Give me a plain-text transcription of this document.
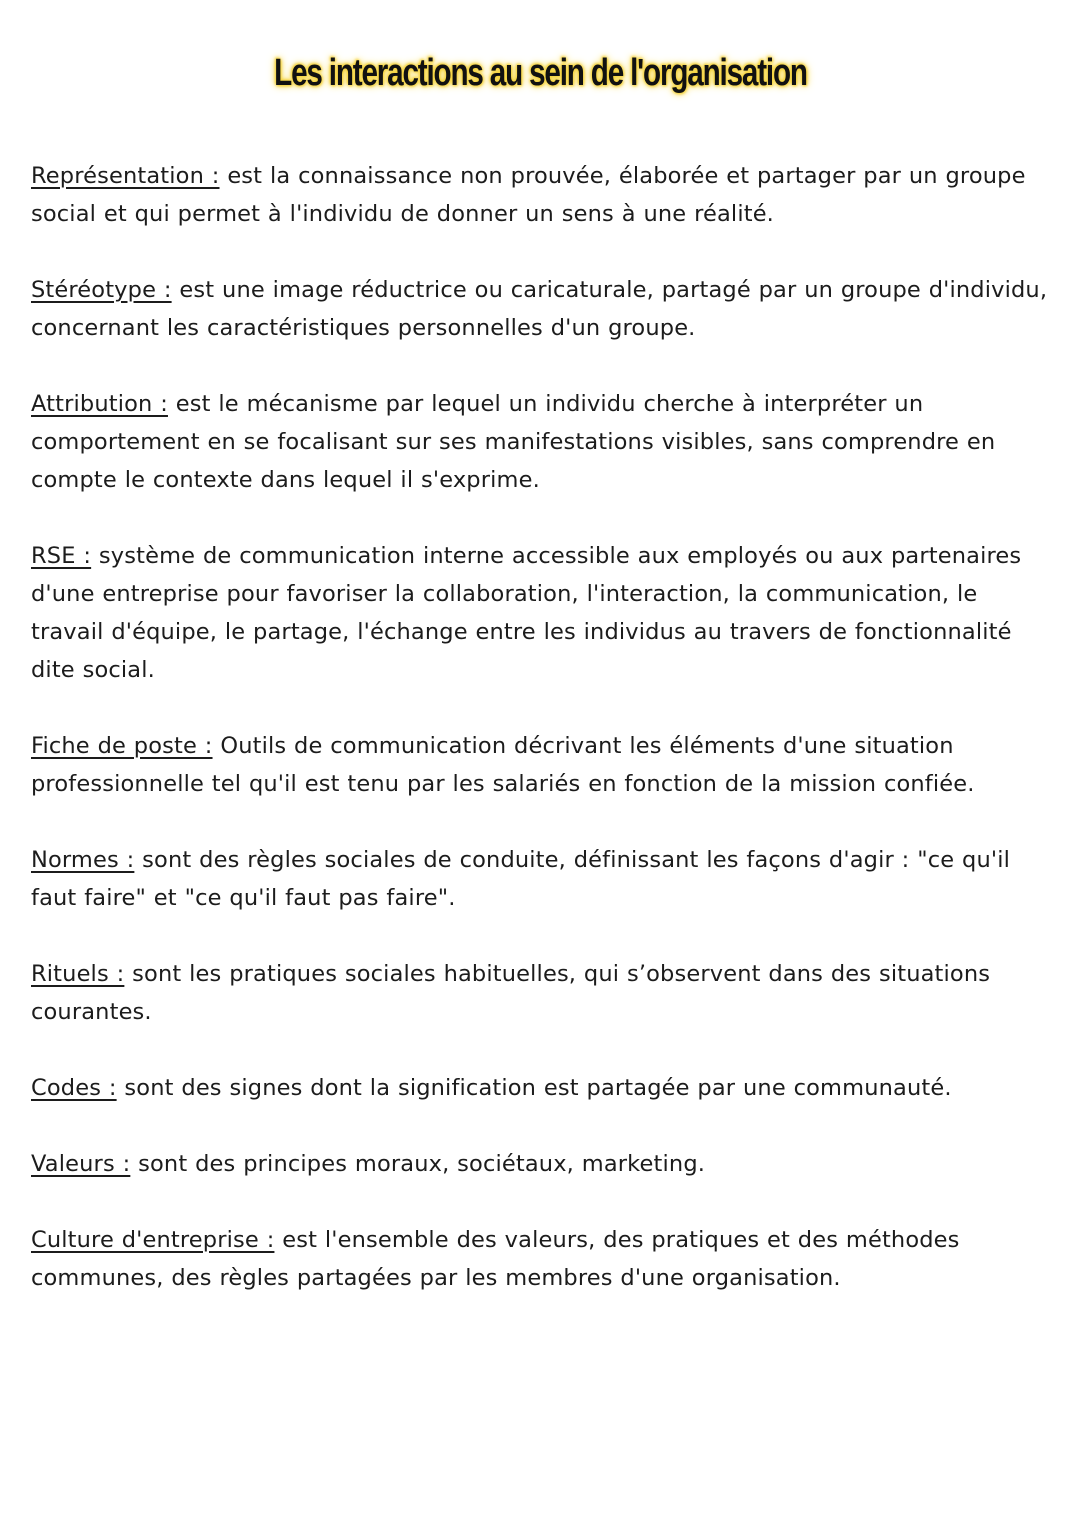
Les interactions au sein de l'organisation

Représentation : est la connaissance non prouvée, élaborée et partager par un groupe social et qui permet à l'individu de donner un sens à une réalité.

Stéréotype : est une image réductrice ou caricaturale, partagé par un groupe d'individu, concernant les caractéristiques personnelles d'un groupe.

Attribution : est le mécanisme par lequel un individu cherche à interpréter un comportement en se focalisant sur ses manifestations visibles, sans comprendre en compte le contexte dans lequel il s'exprime.

RSE : système de communication interne accessible aux employés ou aux partenaires d'une entreprise pour favoriser la collaboration, l'interaction, la communication, le travail d'équipe, le partage, l'échange entre les individus au travers de fonctionnalité dite social.

Fiche de poste : Outils de communication décrivant les éléments d'une situation professionnelle tel qu'il est tenu par les salariés en fonction de la mission confiée.

Normes : sont des règles sociales de conduite, définissant les façons d'agir : "ce qu'il faut faire" et "ce qu'il faut pas faire".

Rituels : sont les pratiques sociales habituelles, qui s’observent dans des situations courantes.

Codes : sont des signes dont la signification est partagée par une communauté.

Valeurs : sont des principes moraux, sociétaux, marketing.

Culture d'entreprise : est l'ensemble des valeurs, des pratiques et des méthodes communes, des règles partagées par les membres d'une organisation.
